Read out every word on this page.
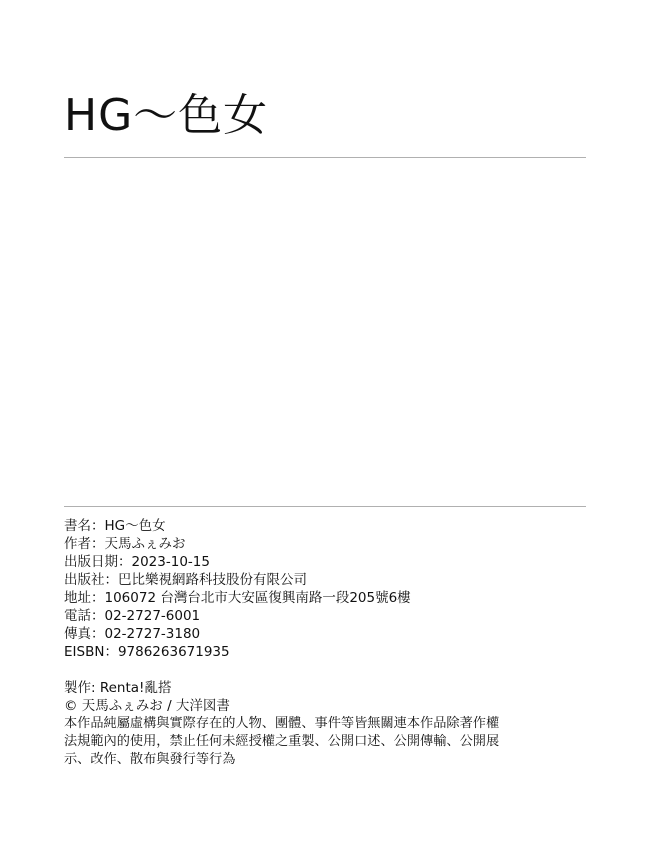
HG～色女
書名：HG～色女
作者：天馬ふぇみお
出版日期：2023-10-15
出版社：巴比樂視網路科技股份有限公司
地址：106072 台灣台北市大安區復興南路一段205號6樓
電話：02-2727-6001
傳真：02-2727-3180
EISBN：9786263671935
製作: Renta!亂搭
© 天馬ふぇみお / 大洋図書
本作品純屬虛構與實際存在的人物、團體、事件等皆無關連本作品除著作權
法規範內的使用，禁止任何未經授權之重製、公開口述、公開傳輸、公開展
示、改作、散布與發行等行為
